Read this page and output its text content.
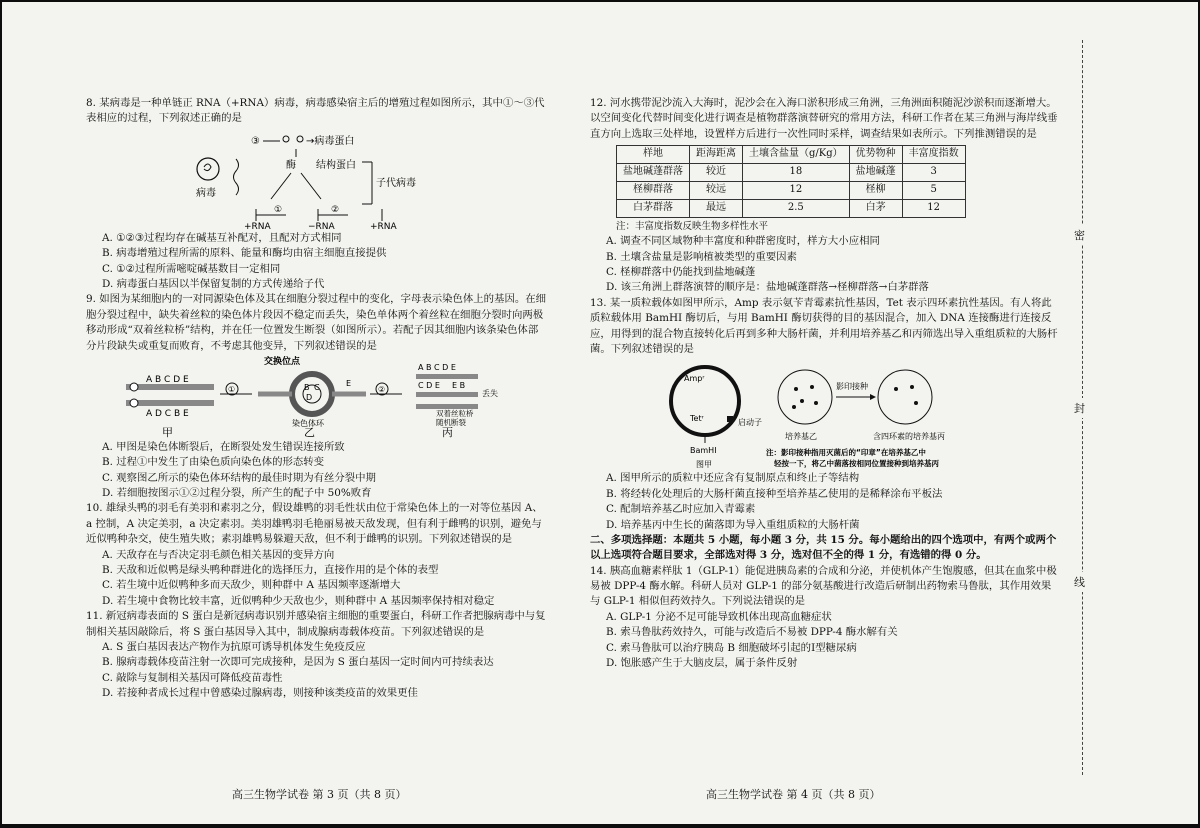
8. 某病毒是一种单链正 RNA（+RNA）病毒，病毒感染宿主后的增殖过程如图所示，其中①～③代表相应的过程，下列叙述正确的是

病毒
③	→病毒蛋白
酶 结构蛋白
子代病毒
①	②
+RNA	−RNA	+RNA

A. ①②③过程均存在碱基互补配对，且配对方式相同

B. 病毒增殖过程所需的原料、能量和酶均由宿主细胞直接提供

C. ①②过程所需嘧啶碱基数目一定相同

D. 病毒蛋白基因以半保留复制的方式传递给子代

9. 如图为某细胞内的一对同源染色体及其在细胞分裂过程中的变化，字母表示染色体上的基因。在细胞分裂过程中，缺失着丝粒的染色体片段因不稳定而丢失，染色单体两个着丝粒在细胞分裂时向两极移动形成“双着丝粒桥”结构，并在任一位置发生断裂（如图所示）。若配子因其细胞内该条染色体部分片段缺失或重复而败育，不考虑其他变异，下列叙述错误的是

A B C D E
A D C B E
甲
①
交换位点
B C
D
E
染色体环
乙
②
A B C D E
C D E
丢失
E B
双着丝粒桥
随机断裂
丙

A. 甲图是染色体断裂后，在断裂处发生错误连接所致

B. 过程①中发生了由染色质向染色体的形态转变

C. 观察图乙所示的染色体环结构的最佳时期为有丝分裂中期

D. 若细胞按图示①②过程分裂，所产生的配子中 50%败育

10. 雄绿头鸭的羽毛有美羽和素羽之分，假设雄鸭的羽毛性状由位于常染色体上的一对等位基因 A、a 控制，A 决定美羽，a 决定素羽。美羽雄鸭羽毛艳丽易被天敌发现，但有利于雌鸭的识别，避免与近似鸭种杂交，使生殖失败；素羽雄鸭易躲避天敌，但不利于雌鸭的识别。下列叙述错误的是

A. 天敌存在与否决定羽毛颜色相关基因的变异方向

B. 天敌和近似鸭是绿头鸭种群进化的选择压力，直接作用的是个体的表型

C. 若生境中近似鸭种多而天敌少，则种群中 A 基因频率逐渐增大

D. 若生境中食物比较丰富，近似鸭种少天敌也少，则种群中 A 基因频率保持相对稳定

11. 新冠病毒表面的 S 蛋白是新冠病毒识别并感染宿主细胞的重要蛋白，科研工作者把腺病毒中与复制相关基因敲除后，将 S 蛋白基因导入其中，制成腺病毒载体疫苗。下列叙述错误的是

A. S 蛋白基因表达产物作为抗原可诱导机体发生免疫反应

B. 腺病毒载体疫苗注射一次即可完成接种，是因为 S 蛋白基因一定时间内可持续表达

C. 敲除与复制相关基因可降低疫苗毒性

D. 若接种者成长过程中曾感染过腺病毒，则接种该类疫苗的效果更佳

高三生物学试卷 第 3 页（共 8 页）

12. 河水携带泥沙流入大海时，泥沙会在入海口淤积形成三角洲，三角洲面积随泥沙淤积而逐渐增大。以空间变化代替时间变化进行调查是植物群落演替研究的常用方法，科研工作者在某三角洲与海岸线垂直方向上选取三处样地，设置样方后进行一次性同时采样，调查结果如表所示。下列推测错误的是

样地	距海距离	土壤含盐量（g/Kg）	优势物种	丰富度指数
盐地碱蓬群落	较近	18	盐地碱蓬	3
柽柳群落	较远	12	柽柳	5
白茅群落	最远	2.5	白茅	12

注：丰富度指数反映生物多样性水平

A. 调查不同区域物种丰富度和种群密度时，样方大小应相同

B. 土壤含盐量是影响植被类型的重要因素

C. 柽柳群落中仍能找到盐地碱蓬

D. 该三角洲上群落演替的顺序是：盐地碱蓬群落→柽柳群落→白茅群落

13. 某一质粒载体如图甲所示，Amp 表示氨苄青霉素抗性基因，Tet 表示四环素抗性基因。有人将此质粒载体用 BamHI 酶切后，与用 BamHI 酶切获得的目的基因混合，加入 DNA 连接酶进行连接反应，用得到的混合物直接转化后再到多种大肠杆菌，并利用培养基乙和丙筛选出导入重组质粒的大肠杆菌。下列叙述错误的是

Ampʳ
Tetʳ	启动子
BamHI
图甲
培养基乙
影印接种
含四环素的培养基丙
注：影印接种指用灭菌后的“印章”在培养基乙中
轻按一下，将乙中菌落按相同位置接种到培养基丙

A. 图甲所示的质粒中还应含有复制原点和终止子等结构

B. 将经转化处理后的大肠杆菌直接种至培养基乙使用的是稀释涂布平板法

C. 配制培养基乙时应加入青霉素

D. 培养基丙中生长的菌落即为导入重组质粒的大肠杆菌

二、多项选择题：本题共 5 小题，每小题 3 分，共 15 分。每小题给出的四个选项中，有两个或两个以上选项符合题目要求，全部选对得 3 分，选对但不全的得 1 分，有选错的得 0 分。

14. 胰高血糖素样肽 1（GLP-1）能促进胰岛素的合成和分泌，并使机体产生饱腹感，但其在血浆中极易被 DPP-4 酶水解。科研人员对 GLP-1 的部分氨基酸进行改造后研制出药物索马鲁肽，其作用效果与 GLP-1 相似但药效持久。下列说法错误的是

A. GLP-1 分泌不足可能导致机体出现高血糖症状

B. 索马鲁肽药效持久，可能与改造后不易被 DPP-4 酶水解有关

C. 索马鲁肽可以治疗胰岛 B 细胞破坏引起的Ⅰ型糖尿病

D. 饱胀感产生于大脑皮层，属于条件反射

高三生物学试卷 第 4 页（共 8 页）
密
封
线
